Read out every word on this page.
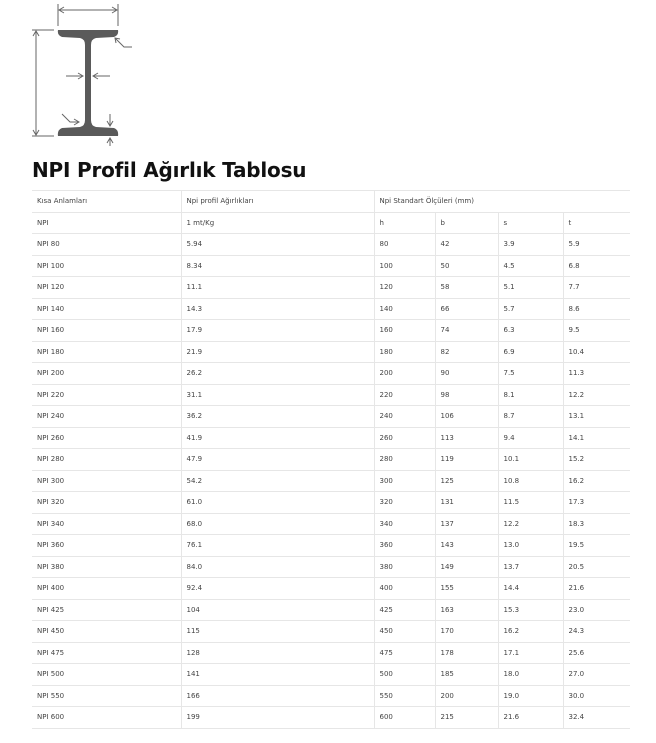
NPI Profil Ağırlık Tablosu
Kısa Anlamları	Npi profil Ağırlıkları	Npi Standart Ölçüleri (mm)			
NPI	1 mt/Kg	h	b	s	t
NPI 80	5.94	80	42	3.9	5.9
NPI 100	8.34	100	50	4.5	6.8
NPI 120	11.1	120	58	5.1	7.7
NPI 140	14.3	140	66	5.7	8.6
NPI 160	17.9	160	74	6.3	9.5
NPI 180	21.9	180	82	6.9	10.4
NPI 200	26.2	200	90	7.5	11.3
NPI 220	31.1	220	98	8.1	12.2
NPI 240	36.2	240	106	8.7	13.1
NPI 260	41.9	260	113	9.4	14.1
NPI 280	47.9	280	119	10.1	15.2
NPI 300	54.2	300	125	10.8	16.2
NPI 320	61.0	320	131	11.5	17.3
NPI 340	68.0	340	137	12.2	18.3
NPI 360	76.1	360	143	13.0	19.5
NPI 380	84.0	380	149	13.7	20.5
NPI 400	92.4	400	155	14.4	21.6
NPI 425	104	425	163	15.3	23.0
NPI 450	115	450	170	16.2	24.3
NPI 475	128	475	178	17.1	25.6
NPI 500	141	500	185	18.0	27.0
NPI 550	166	550	200	19.0	30.0
NPI 600	199	600	215	21.6	32.4
